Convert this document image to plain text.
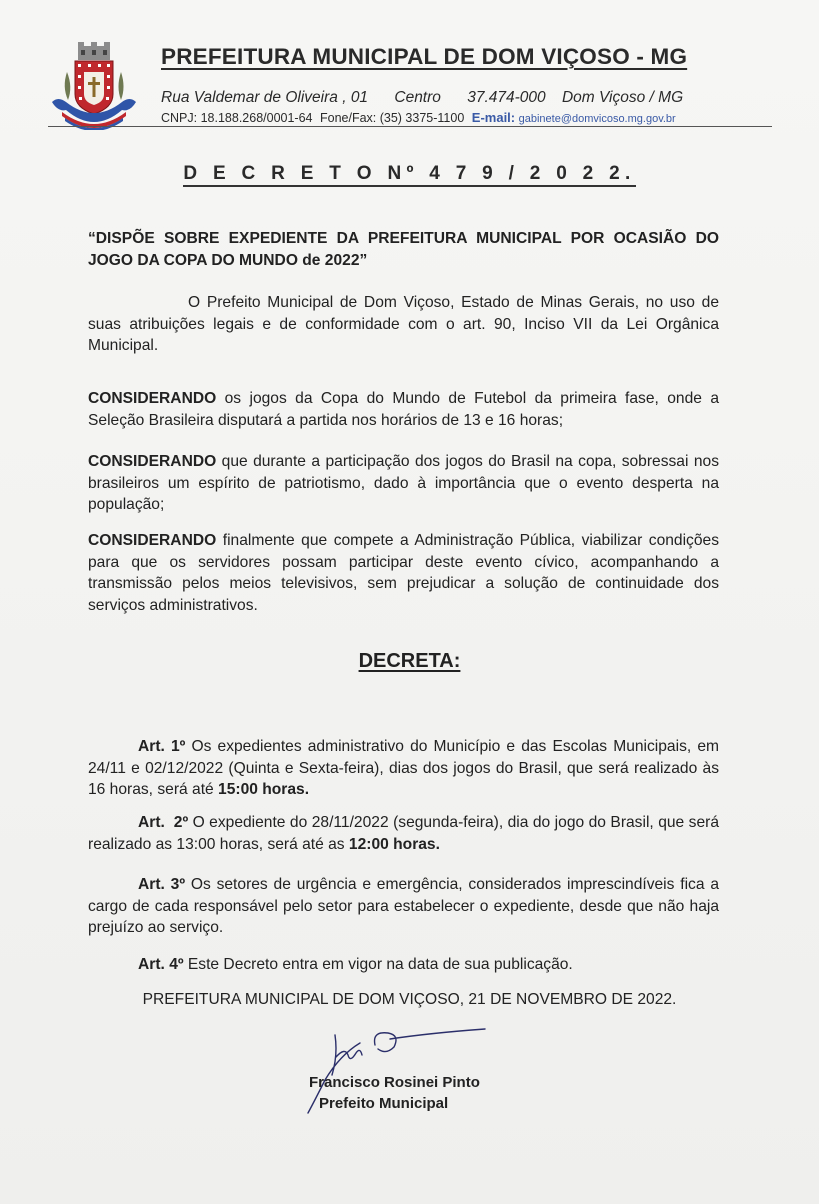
PREFEITURA MUNICIPAL DE DOM VIÇOSO - MG
Rua Valdemar de Oliveira , 01 Centro 37.474-000 Dom Viçoso / MG
CNPJ: 18.188.268/0001-64 Fone/Fax: (35) 3375-1100 E-mail: gabinete@domvicoso.mg.gov.br
D E C R E T O Nº 4 7 9 / 2 0 2 2.
“DISPÕE SOBRE EXPEDIENTE DA PREFEITURA MUNICIPAL POR OCASIÃO DO JOGO DA COPA DO MUNDO de 2022”
O Prefeito Municipal de Dom Viçoso, Estado de Minas Gerais, no uso de suas atribuições legais e de conformidade com o art. 90, Inciso VII da Lei Orgânica Municipal.
CONSIDERANDO os jogos da Copa do Mundo de Futebol da primeira fase, onde a Seleção Brasileira disputará a partida nos horários de 13 e 16 horas;
CONSIDERANDO que durante a participação dos jogos do Brasil na copa, sobressai nos brasileiros um espírito de patriotismo, dado à importância que o evento desperta na população;
CONSIDERANDO finalmente que compete a Administração Pública, viabilizar condições para que os servidores possam participar deste evento cívico, acompanhando a transmissão pelos meios televisivos, sem prejudicar a solução de continuidade dos serviços administrativos.
DECRETA:
Art. 1º Os expedientes administrativo do Município e das Escolas Municipais, em 24/11 e 02/12/2022 (Quinta e Sexta-feira), dias dos jogos do Brasil, que será realizado às 16 horas, será até 15:00 horas.
Art.  2º O expediente do 28/11/2022 (segunda-feira), dia do jogo do Brasil, que será realizado as 13:00 horas, será até as 12:00 horas.
Art. 3º Os setores de urgência e emergência, considerados imprescindíveis fica a cargo de cada responsável pelo setor para estabelecer o expediente, desde que não haja prejuízo ao serviço.
Art. 4º Este Decreto entra em vigor na data de sua publicação.
PREFEITURA MUNICIPAL DE DOM VIÇOSO, 21 DE NOVEMBRO DE 2022.
Francisco Rosinei Pinto
Prefeito Municipal
